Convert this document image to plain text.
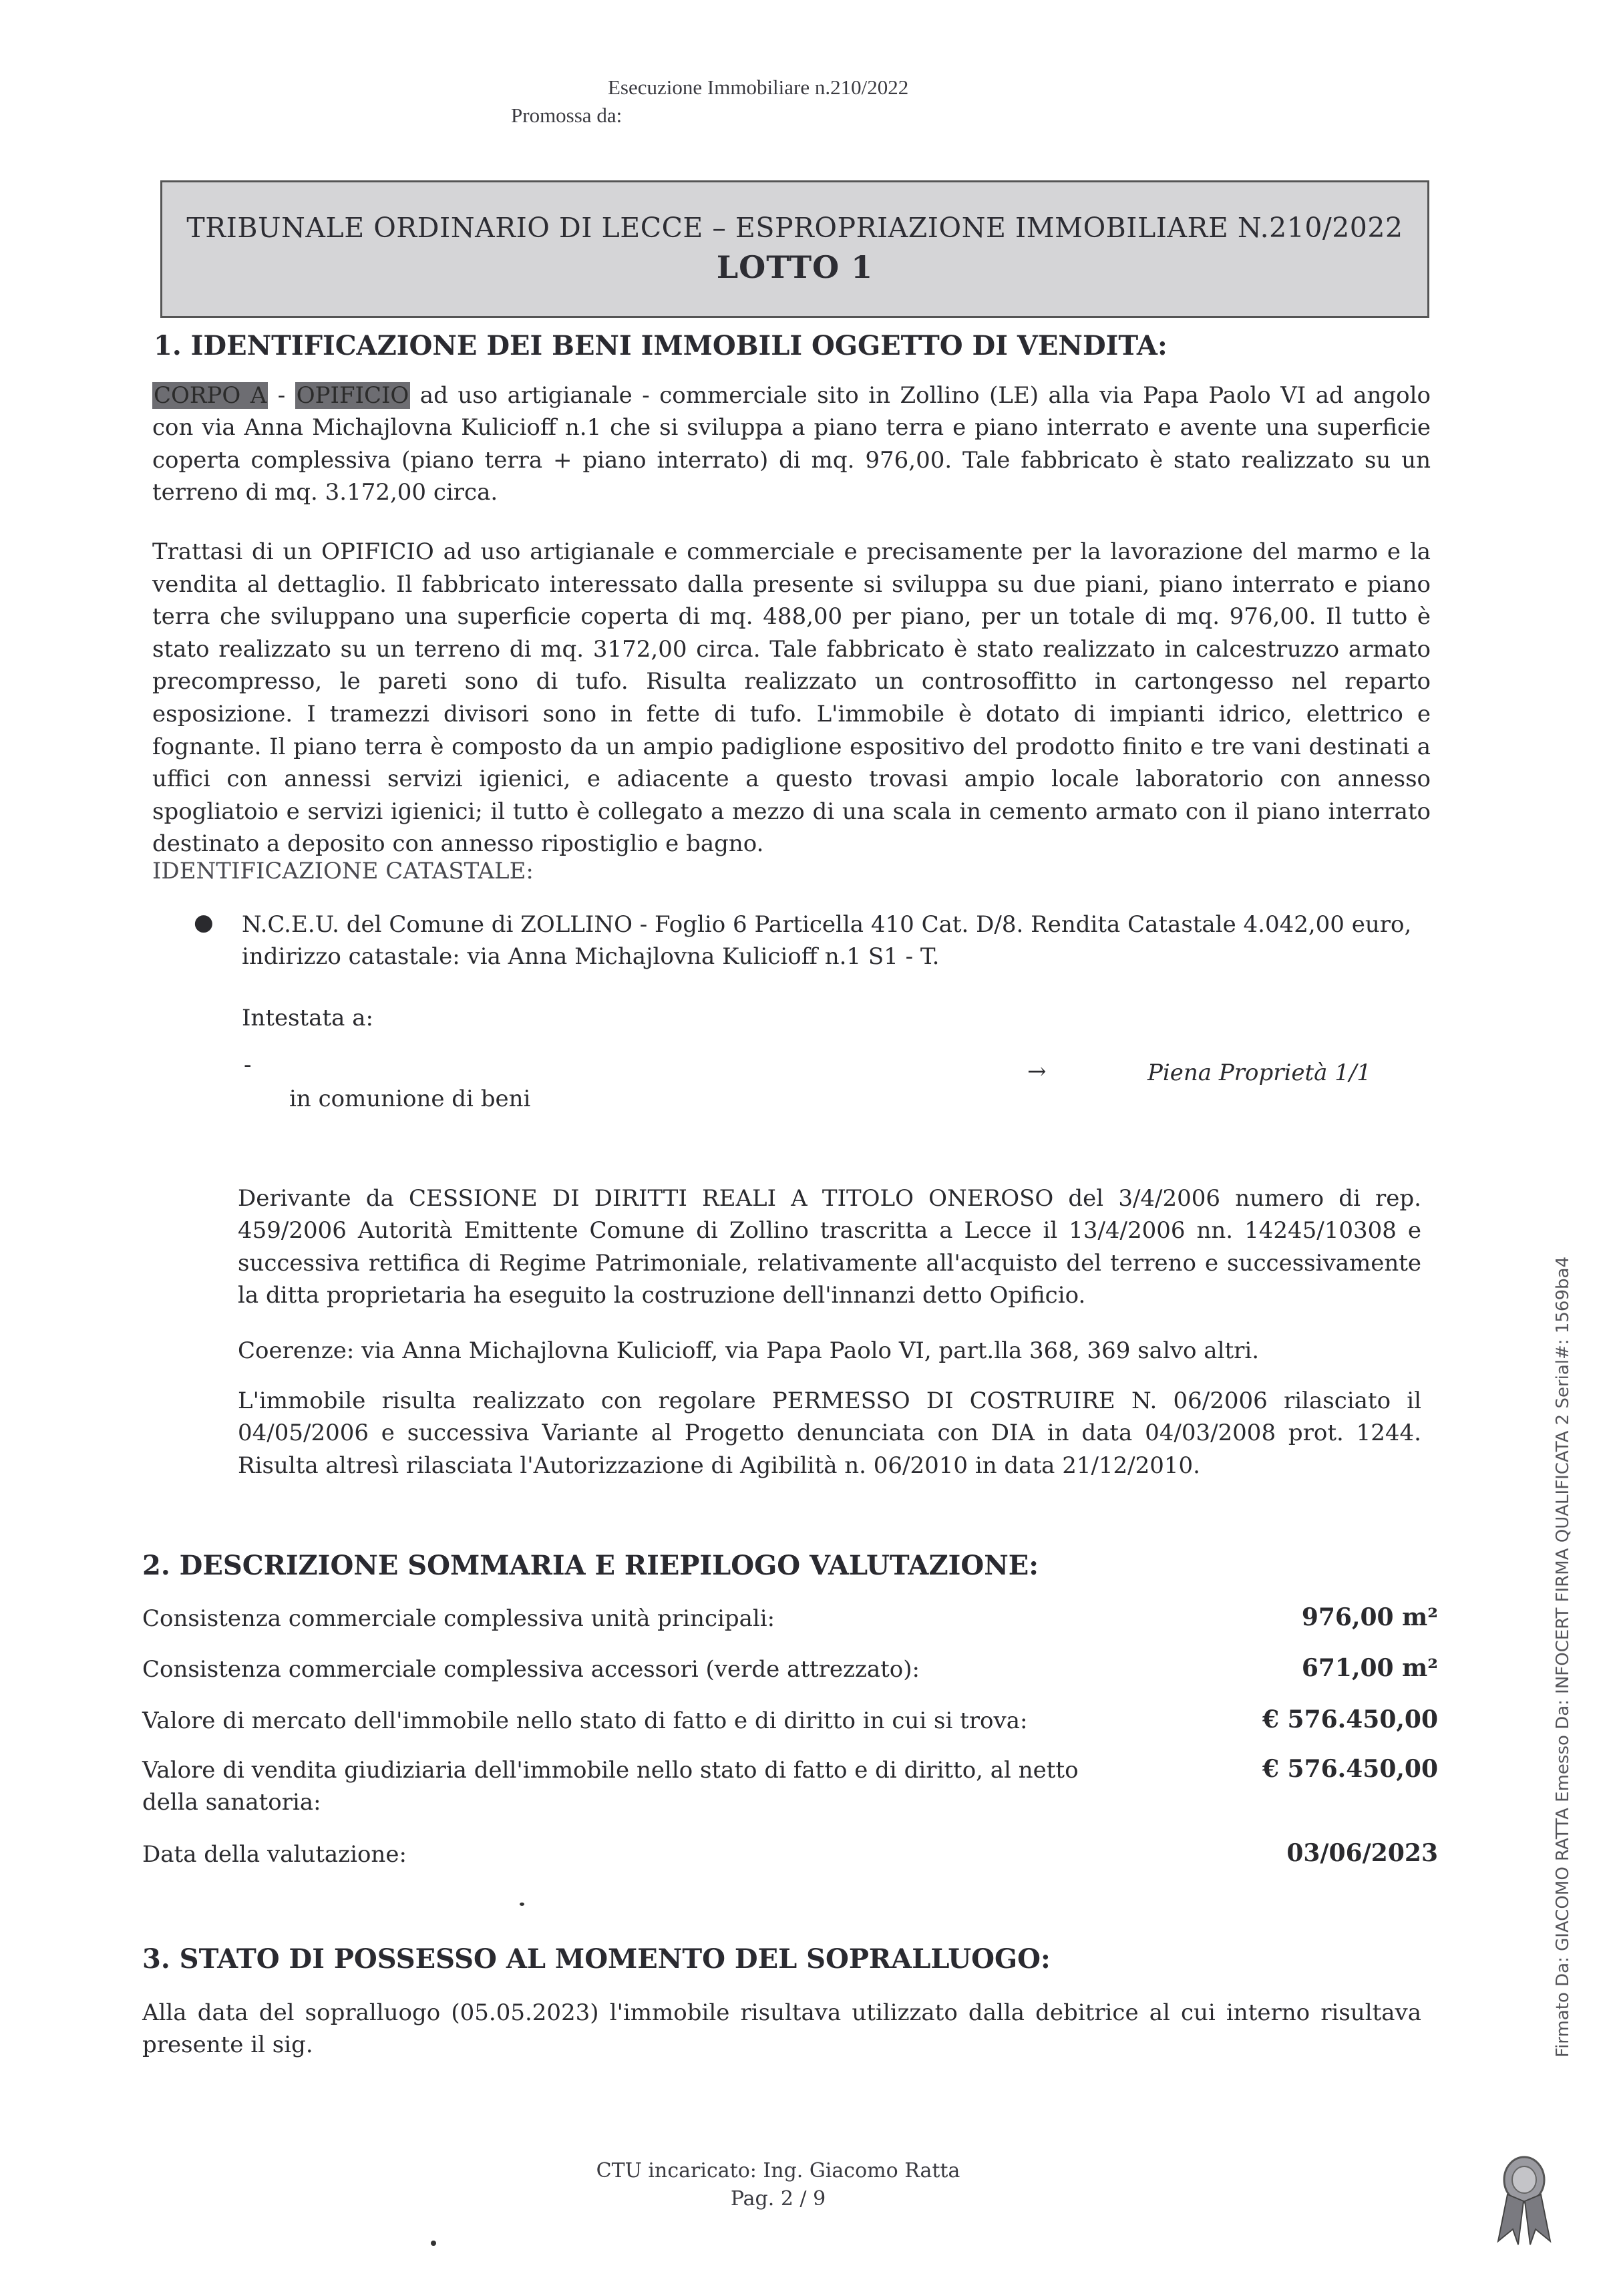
Esecuzione Immobiliare n.210/2022
Promossa da:
TRIBUNALE ORDINARIO DI LECCE – ESPROPRIAZIONE IMMOBILIARE N.210/2022
LOTTO 1
1. IDENTIFICAZIONE DEI BENI IMMOBILI OGGETTO DI VENDITA:
CORPO A - OPIFICIO ad uso artigianale - commerciale sito in Zollino (LE) alla via Papa Paolo VI ad angolo con via Anna Michajlovna Kulicioff n.1 che si sviluppa a piano terra e piano interrato e avente una superficie coperta complessiva (piano terra + piano interrato) di mq. 976,00. Tale fabbricato è stato realizzato su un terreno di mq. 3.172,00 circa.
Trattasi di un OPIFICIO ad uso artigianale e commerciale e precisamente per la lavorazione del marmo e la vendita al dettaglio. Il fabbricato interessato dalla presente si sviluppa su due piani, piano interrato e piano terra che sviluppano una superficie coperta di mq. 488,00 per piano, per un totale di mq. 976,00. Il tutto è stato realizzato su un terreno di mq. 3172,00 circa. Tale fabbricato è stato realizzato in calcestruzzo armato precompresso, le pareti sono di tufo. Risulta realizzato un controsoffitto in cartongesso nel reparto esposizione. I tramezzi divisori sono in fette di tufo. L'immobile è dotato di impianti idrico, elettrico e fognante. Il piano terra è composto da un ampio padiglione espositivo del prodotto finito e tre vani destinati a uffici con annessi servizi igienici, e adiacente a questo trovasi ampio locale laboratorio con annesso spogliatoio e servizi igienici; il tutto è collegato a mezzo di una scala in cemento armato con il piano interrato destinato a deposito con annesso ripostiglio e bagno.
IDENTIFICAZIONE CATASTALE:
● N.C.E.U. del Comune di ZOLLINO - Foglio 6 Particella 410 Cat. D/8. Rendita Catastale 4.042,00 euro, indirizzo catastale: via Anna Michajlovna Kulicioff n.1 S1 - T.
Intestata a:
-	→	Piena Proprietà 1/1
in comunione di beni
Derivante da CESSIONE DI DIRITTI REALI A TITOLO ONEROSO del 3/4/2006 numero di rep. 459/2006 Autorità Emittente Comune di Zollino trascritta a Lecce il 13/4/2006 nn. 14245/10308 e successiva rettifica di Regime Patrimoniale, relativamente all'acquisto del terreno e successivamente la ditta proprietaria ha eseguito la costruzione dell'innanzi detto Opificio.
Coerenze: via Anna Michajlovna Kulicioff, via Papa Paolo VI, part.lla 368, 369 salvo altri.
L'immobile risulta realizzato con regolare PERMESSO DI COSTRUIRE N. 06/2006 rilasciato il 04/05/2006 e successiva Variante al Progetto denunciata con DIA in data 04/03/2008 prot. 1244. Risulta altresì rilasciata l'Autorizzazione di Agibilità n. 06/2010 in data 21/12/2010.
2. DESCRIZIONE SOMMARIA E RIEPILOGO VALUTAZIONE:
Consistenza commerciale complessiva unità principali:	976,00 m²
Consistenza commerciale complessiva accessori (verde attrezzato):	671,00 m²
Valore di mercato dell'immobile nello stato di fatto e di diritto in cui si trova:	€ 576.450,00
Valore di vendita giudiziaria dell'immobile nello stato di fatto e di diritto, al netto della sanatoria:
€ 576.450,00
Data della valutazione:	03/06/2023
3. STATO DI POSSESSO AL MOMENTO DEL SOPRALLUOGO:
Alla data del sopralluogo (05.05.2023) l'immobile risultava utilizzato dalla debitrice al cui interno risultava presente il sig.
CTU incaricato: Ing. Giacomo Ratta
Pag. 2 / 9
Firmato Da: GIACOMO RATTA Emesso Da: INFOCERT FIRMA QUALIFICATA 2 Serial#: 1569ba4
